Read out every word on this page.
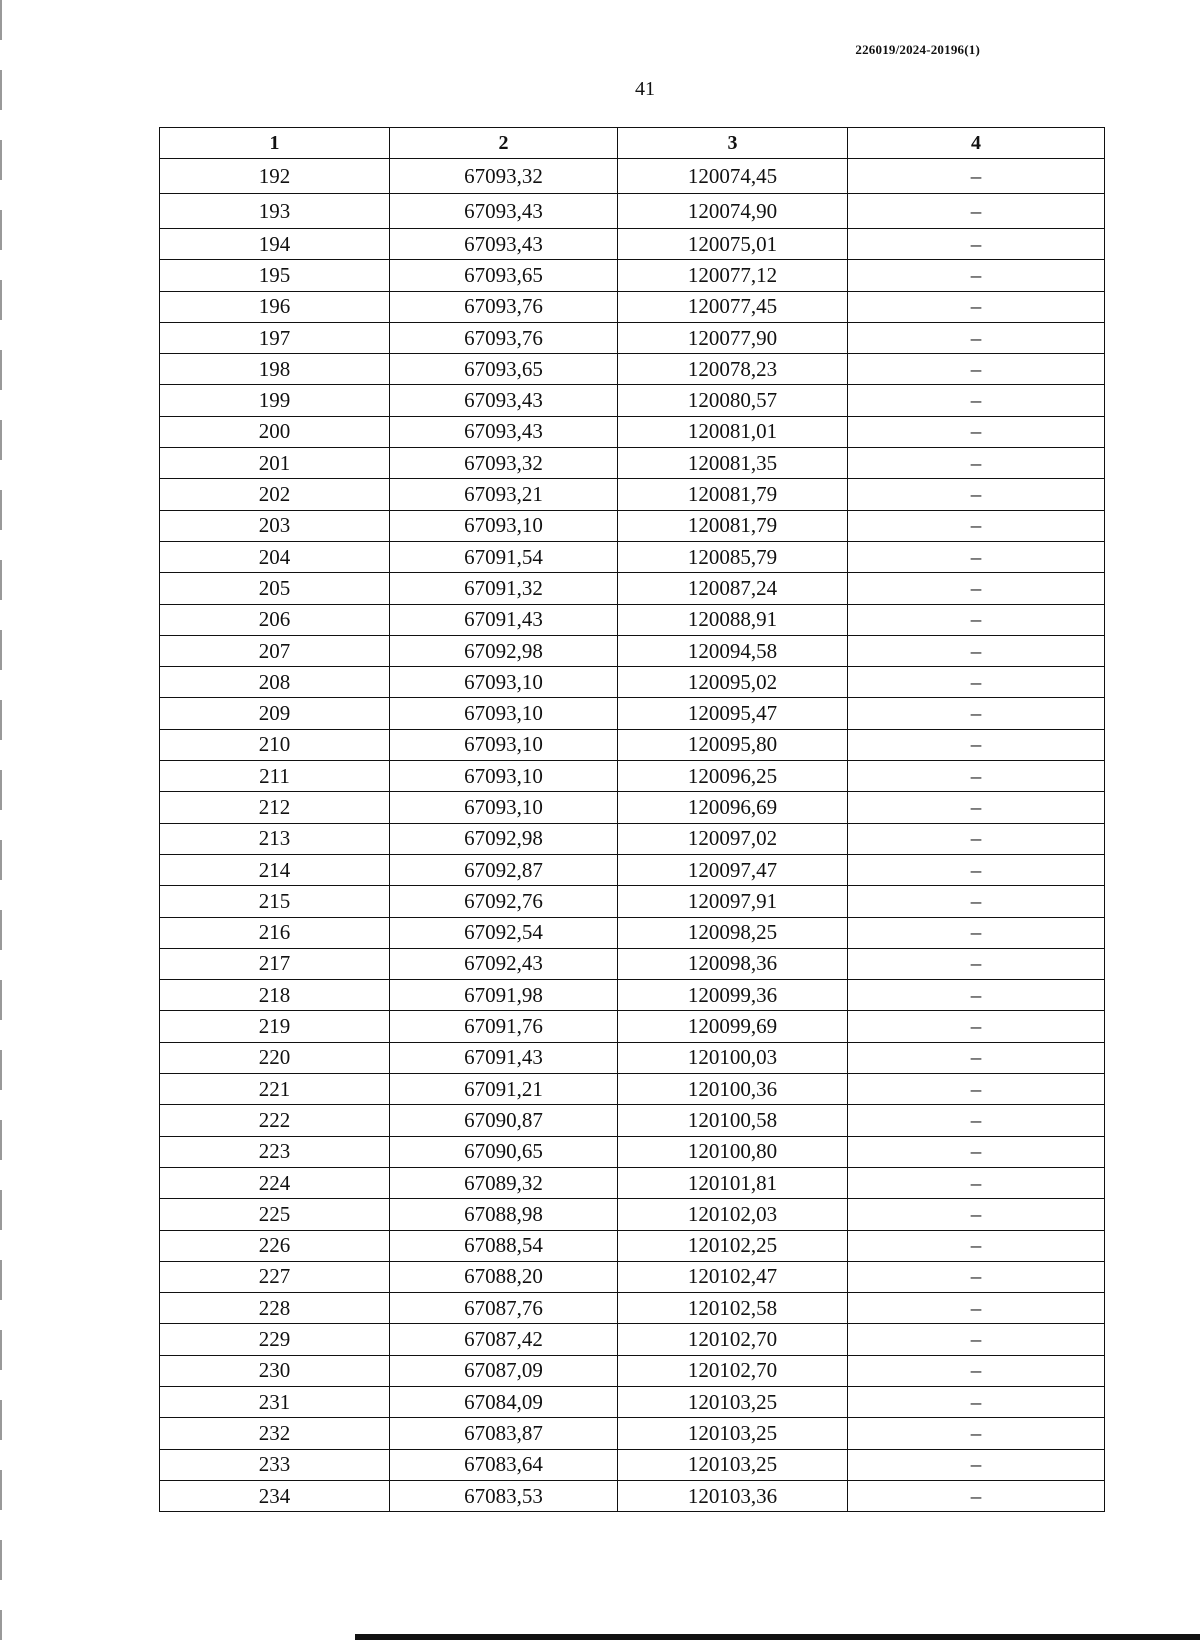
226019/2024-20196(1)
41
1	2	3	4
192	67093,32	120074,45	–
193	67093,43	120074,90	–
194	67093,43	120075,01	–
195	67093,65	120077,12	–
196	67093,76	120077,45	–
197	67093,76	120077,90	–
198	67093,65	120078,23	–
199	67093,43	120080,57	–
200	67093,43	120081,01	–
201	67093,32	120081,35	–
202	67093,21	120081,79	–
203	67093,10	120081,79	–
204	67091,54	120085,79	–
205	67091,32	120087,24	–
206	67091,43	120088,91	–
207	67092,98	120094,58	–
208	67093,10	120095,02	–
209	67093,10	120095,47	–
210	67093,10	120095,80	–
211	67093,10	120096,25	–
212	67093,10	120096,69	–
213	67092,98	120097,02	–
214	67092,87	120097,47	–
215	67092,76	120097,91	–
216	67092,54	120098,25	–
217	67092,43	120098,36	–
218	67091,98	120099,36	–
219	67091,76	120099,69	–
220	67091,43	120100,03	–
221	67091,21	120100,36	–
222	67090,87	120100,58	–
223	67090,65	120100,80	–
224	67089,32	120101,81	–
225	67088,98	120102,03	–
226	67088,54	120102,25	–
227	67088,20	120102,47	–
228	67087,76	120102,58	–
229	67087,42	120102,70	–
230	67087,09	120102,70	–
231	67084,09	120103,25	–
232	67083,87	120103,25	–
233	67083,64	120103,25	–
234	67083,53	120103,36	–
